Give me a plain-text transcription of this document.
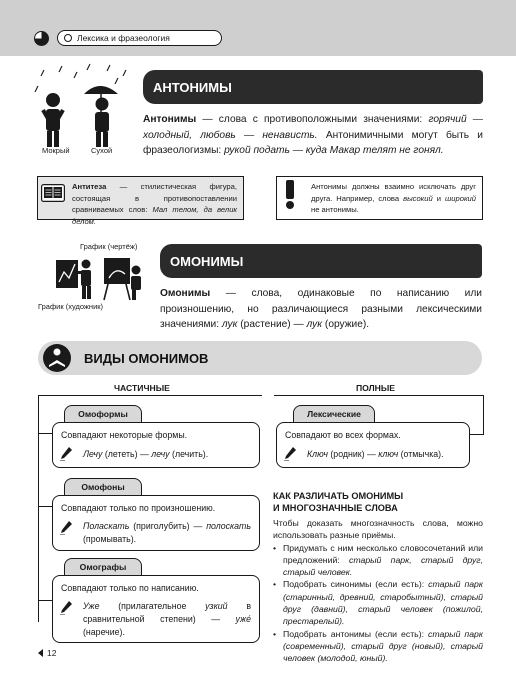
Лексика и фразеология
Мокрый	Сухой
АНТОНИМЫ
Антонимы — слова с противоположными значениями: горячий — холодный, любовь — ненависть. Антонимичными могут быть и фразеологизмы: рукой подать — куда Макар телят не гонял.
Антитеза — стилистическая фигура, состоящая в противопоставлении сравниваемых слов: Мал телом, да велик делом.
Антонимы должны взаимно исключать друг друга. Например, слова высокий и широкий не антонимы.
График (чертёж)
График (художник)
ОМОНИМЫ
Омонимы — слова, одинаковые по написанию или произношению, но различающиеся разными лексическими значениями: лук (растение) — лук (оружие).
ВИДЫ ОМОНИМОВ
ЧАСТИЧНЫЕ	ПОЛНЫЕ
Омоформы
Совпадают некоторые формы.
Лечу (лететь) — лечу (лечить).
Омофоны
Совпадают только по произношению.
Поласкать (приголубить) — полоскать (промывать).
Омографы
Совпадают только по написанию.
Уже (прилагательное узкий в сравнительной степени) — уже́ (наречие).
Лексические
Совпадают во всех формах.
Ключ (родник) — ключ (отмычка).
КАК РАЗЛИЧАТЬ ОМОНИМЫ
И МНОГОЗНАЧНЫЕ СЛОВА
Чтобы доказать многозначность слова, можно использовать разные приёмы.
• Придумать с ним несколько словосочетаний или предложений: старый парк, старый друг, старый человек.
• Подобрать синонимы (если есть): старый парк (старинный, древний, старобытный), старый друг (давний), старый человек (пожилой, престарелый).
• Подобрать антонимы (если есть): старый парк (современный), старый друг (новый), старый человек (молодой, юный).
12
